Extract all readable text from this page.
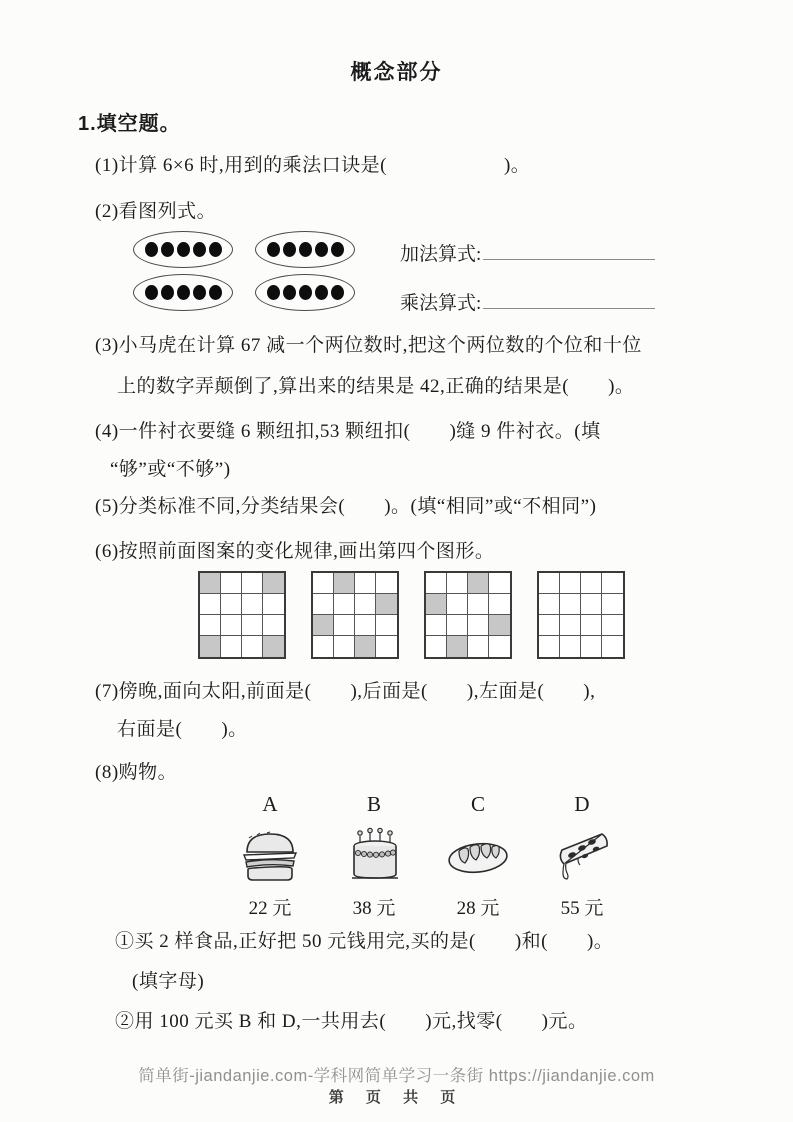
概念部分
1.填空题。
(1)计算 6×6 时,用到的乘法口诀是(　　　　　　)。
(2)看图列式。
加法算式:
乘法算式:
(3)小马虎在计算 67 减一个两位数时,把这个两位数的个位和十位
上的数字弄颠倒了,算出来的结果是 42,正确的结果是(　　)。
(4)一件衬衣要缝 6 颗纽扣,53 颗纽扣(　　)缝 9 件衬衣。(填
“够”或“不够”)
(5)分类标准不同,分类结果会(　　)。(填“相同”或“不相同”)
(6)按照前面图案的变化规律,画出第四个图形。
(7)傍晚,面向太阳,前面是(　　),后面是(　　),左面是(　　),
右面是(　　)。
(8)购物。
A
22 元
B
38 元
C
28 元
D
55 元
①买 2 样食品,正好把 50 元钱用完,买的是(　　)和(　　)。
(填字母)
②用 100 元买 B 和 D,一共用去(　　)元,找零(　　)元。
简单街-jiandanjie.com-学科网简单学习一条街 https://jiandanjie.com
第 页 共 页
